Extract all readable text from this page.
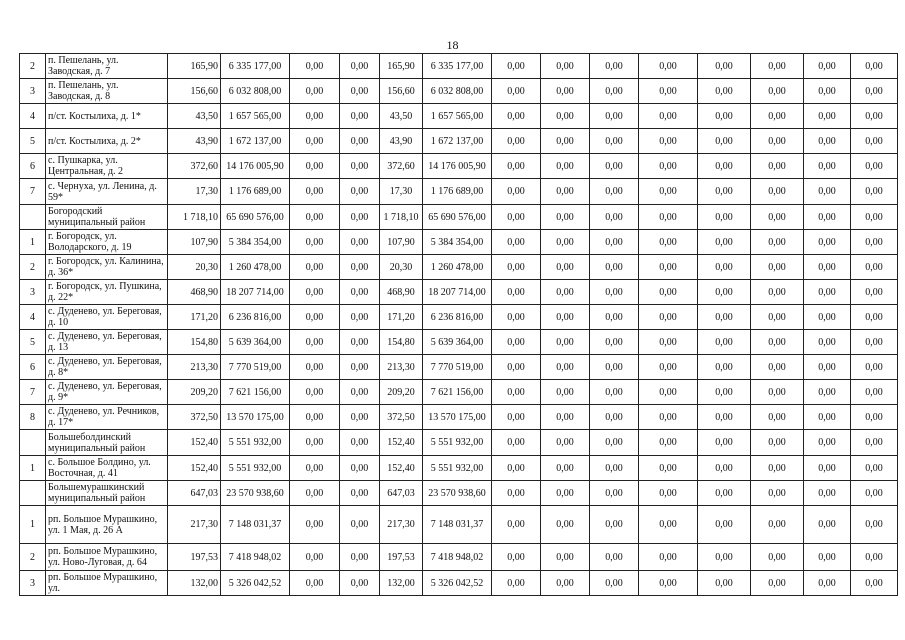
18
2	п. Пешелань, ул. Заводская, д. 7	165,90	6 335 177,00	0,00	0,00	165,90	6 335 177,00	0,00	0,00	0,00	0,00	0,00	0,00	0,00	0,00
3	п. Пешелань, ул. Заводская, д. 8	156,60	6 032 808,00	0,00	0,00	156,60	6 032 808,00	0,00	0,00	0,00	0,00	0,00	0,00	0,00	0,00
4	п/ст. Костылиха, д. 1*	43,50	1 657 565,00	0,00	0,00	43,50	1 657 565,00	0,00	0,00	0,00	0,00	0,00	0,00	0,00	0,00
5	п/ст. Костылиха, д. 2*	43,90	1 672 137,00	0,00	0,00	43,90	1 672 137,00	0,00	0,00	0,00	0,00	0,00	0,00	0,00	0,00
6	с. Пушкарка, ул. Центральная, д. 2	372,60	14 176 005,90	0,00	0,00	372,60	14 176 005,90	0,00	0,00	0,00	0,00	0,00	0,00	0,00	0,00
7	с. Чернуха, ул. Ленина, д. 59*	17,30	1 176 689,00	0,00	0,00	17,30	1 176 689,00	0,00	0,00	0,00	0,00	0,00	0,00	0,00	0,00
	Богородский муниципальный район	1 718,10	65 690 576,00	0,00	0,00	1 718,10	65 690 576,00	0,00	0,00	0,00	0,00	0,00	0,00	0,00	0,00
1	г. Богородск, ул. Володарского, д. 19	107,90	5 384 354,00	0,00	0,00	107,90	5 384 354,00	0,00	0,00	0,00	0,00	0,00	0,00	0,00	0,00
2	г. Богородск, ул. Калинина, д. 36*	20,30	1 260 478,00	0,00	0,00	20,30	1 260 478,00	0,00	0,00	0,00	0,00	0,00	0,00	0,00	0,00
3	г. Богородск, ул. Пушкина, д. 22*	468,90	18 207 714,00	0,00	0,00	468,90	18 207 714,00	0,00	0,00	0,00	0,00	0,00	0,00	0,00	0,00
4	с. Дуденево, ул. Береговая, д. 10	171,20	6 236 816,00	0,00	0,00	171,20	6 236 816,00	0,00	0,00	0,00	0,00	0,00	0,00	0,00	0,00
5	с. Дуденево, ул. Береговая, д. 13	154,80	5 639 364,00	0,00	0,00	154,80	5 639 364,00	0,00	0,00	0,00	0,00	0,00	0,00	0,00	0,00
6	с. Дуденево, ул. Береговая, д. 8*	213,30	7 770 519,00	0,00	0,00	213,30	7 770 519,00	0,00	0,00	0,00	0,00	0,00	0,00	0,00	0,00
7	с. Дуденево, ул. Береговая, д. 9*	209,20	7 621 156,00	0,00	0,00	209,20	7 621 156,00	0,00	0,00	0,00	0,00	0,00	0,00	0,00	0,00
8	с. Дуденево, ул. Речников, д. 17*	372,50	13 570 175,00	0,00	0,00	372,50	13 570 175,00	0,00	0,00	0,00	0,00	0,00	0,00	0,00	0,00
	Большеболдинский муниципальный район	152,40	5 551 932,00	0,00	0,00	152,40	5 551 932,00	0,00	0,00	0,00	0,00	0,00	0,00	0,00	0,00
1	с. Большое Болдино, ул. Восточная, д. 41	152,40	5 551 932,00	0,00	0,00	152,40	5 551 932,00	0,00	0,00	0,00	0,00	0,00	0,00	0,00	0,00
	Большемурашкинский муниципальный район	647,03	23 570 938,60	0,00	0,00	647,03	23 570 938,60	0,00	0,00	0,00	0,00	0,00	0,00	0,00	0,00
1	рп. Большое Мурашкино, ул. 1 Мая, д. 26 А	217,30	7 148 031,37	0,00	0,00	217,30	7 148 031,37	0,00	0,00	0,00	0,00	0,00	0,00	0,00	0,00
2	рп. Большое Мурашкино, ул. Ново-Луговая, д. 64	197,53	7 418 948,02	0,00	0,00	197,53	7 418 948,02	0,00	0,00	0,00	0,00	0,00	0,00	0,00	0,00
3	рп. Большое Мурашкино, ул.	132,00	5 326 042,52	0,00	0,00	132,00	5 326 042,52	0,00	0,00	0,00	0,00	0,00	0,00	0,00	0,00
